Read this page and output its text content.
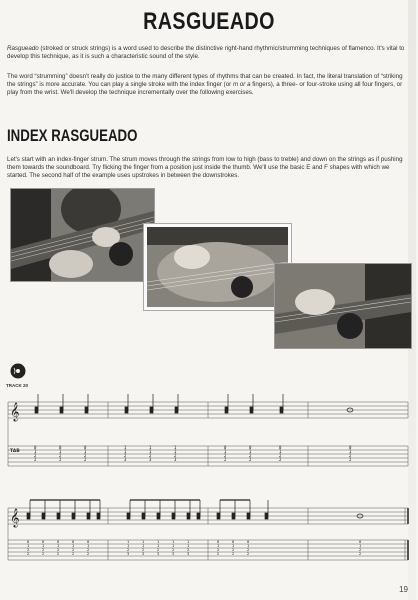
RASGUEADO
Rasgueado (stroked or struck strings) is a word used to describe the distinctive right-hand rhythmic/strumming techniques of flamenco. It's vital to develop this technique, as it is such a characteristic sound of the style.
The word “strumming” doesn't really do justice to the many different types of rhythms that can be created. In fact, the literal translation of “striking the strings” is more accurate. You can play a single stroke with the index finger (or m or a fingers), a three- or four-stroke using all four fingers, or play from the wrist. We'll develop the technique incrementally over the following exercises.
INDEX RASGUEADO
Let's start with an index-finger strum. The strum moves through the strings from low to high (bass to treble) and down on the strings as if pushing them towards the soundboard. Try flicking the finger from a position just inside the thumb. We'll use the basic E and F shapes with which we started. The second half of the example uses upstrokes in between the downstrokes.
TRACK 20
𝄞
TAB
0
1
2
2
0
1
2
2
0
1
2
2
1
1
2
3
1
1
2
3
1
1
2
3
0
1
2
2
0
1
2
2
0
1
2
2
0
1
2
2
𝄞
0
1
2
2
0
1
2
2
0
1
2
2
0
1
2
2
0
1
2
2
1
1
2
3
1
1
2
3
1
1
2
3
1
1
2
3
1
1
2
3
0
1
2
2
0
1
2
2
0
1
2
2
0
1
2
2
19
